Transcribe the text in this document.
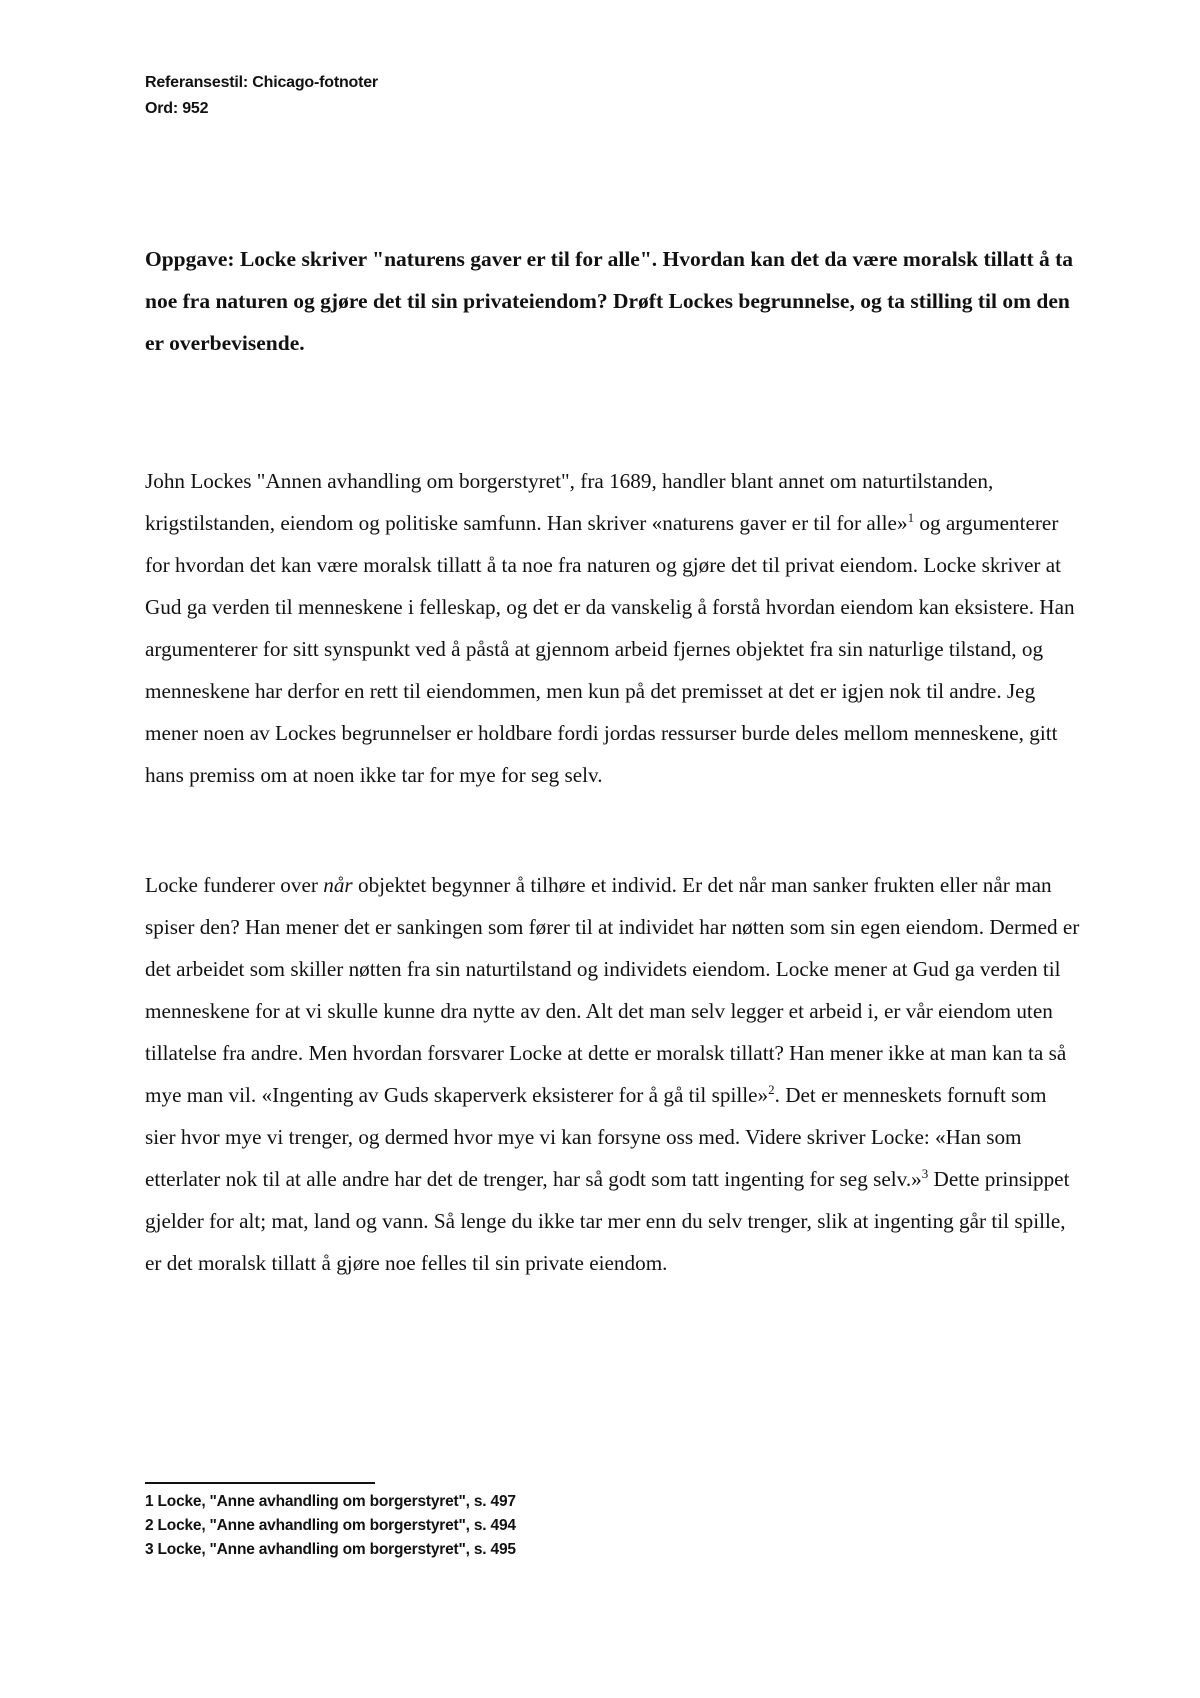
Referansestil: Chicago-fotnoter
Ord: 952
Oppgave: Locke skriver "naturens gaver er til for alle". Hvordan kan det da være moralsk tillatt å ta noe fra naturen og gjøre det til sin privateiendom? Drøft Lockes begrunnelse, og ta stilling til om den er overbevisende.

John Lockes "Annen avhandling om borgerstyret", fra 1689, handler blant annet om naturtilstanden, krigstilstanden, eiendom og politiske samfunn. Han skriver «naturens gaver er til for alle»$^1$ og argumenterer for hvordan det kan være moralsk tillatt å ta noe fra naturen og gjøre det til privat eiendom. Locke skriver at Gud ga verden til menneskene i felleskap, og det er da vanskelig å forstå hvordan eiendom kan eksistere. Han argumenterer for sitt synspunkt ved å påstå at gjennom arbeid fjernes objektet fra sin naturlige tilstand, og menneskene har derfor en rett til eiendommen, men kun på det premisset at det er igjen nok til andre. Jeg mener noen av Lockes begrunnelser er holdbare fordi jordas ressurser burde deles mellom menneskene, gitt hans premiss om at noen ikke tar for mye for seg selv.

Locke funderer over når objektet begynner å tilhøre et individ. Er det når man sanker frukten eller når man spiser den? Han mener det er sankingen som fører til at individet har nøtten som sin egen eiendom. Dermed er det arbeidet som skiller nøtten fra sin naturtilstand og individets eiendom. Locke mener at Gud ga verden til menneskene for at vi skulle kunne dra nytte av den. Alt det man selv legger et arbeid i, er vår eiendom uten tillatelse fra andre. Men hvordan forsvarer Locke at dette er moralsk tillatt? Han mener ikke at man kan ta så mye man vil. «Ingenting av Guds skaperverk eksisterer for å gå til spille»$^2$. Det er menneskets fornuft som sier hvor mye vi trenger, og dermed hvor mye vi kan forsyne oss med. Videre skriver Locke: «Han som etterlater nok til at alle andre har det de trenger, har så godt som tatt ingenting for seg selv.»$^3$ Dette prinsippet gjelder for alt; mat, land og vann. Så lenge du ikke tar mer enn du selv trenger, slik at ingenting går til spille, er det moralsk tillatt å gjøre noe felles til sin private eiendom.

1 Locke, "Anne avhandling om borgerstyret", s. 497
2 Locke, "Anne avhandling om borgerstyret", s. 494
3 Locke, "Anne avhandling om borgerstyret", s. 495
